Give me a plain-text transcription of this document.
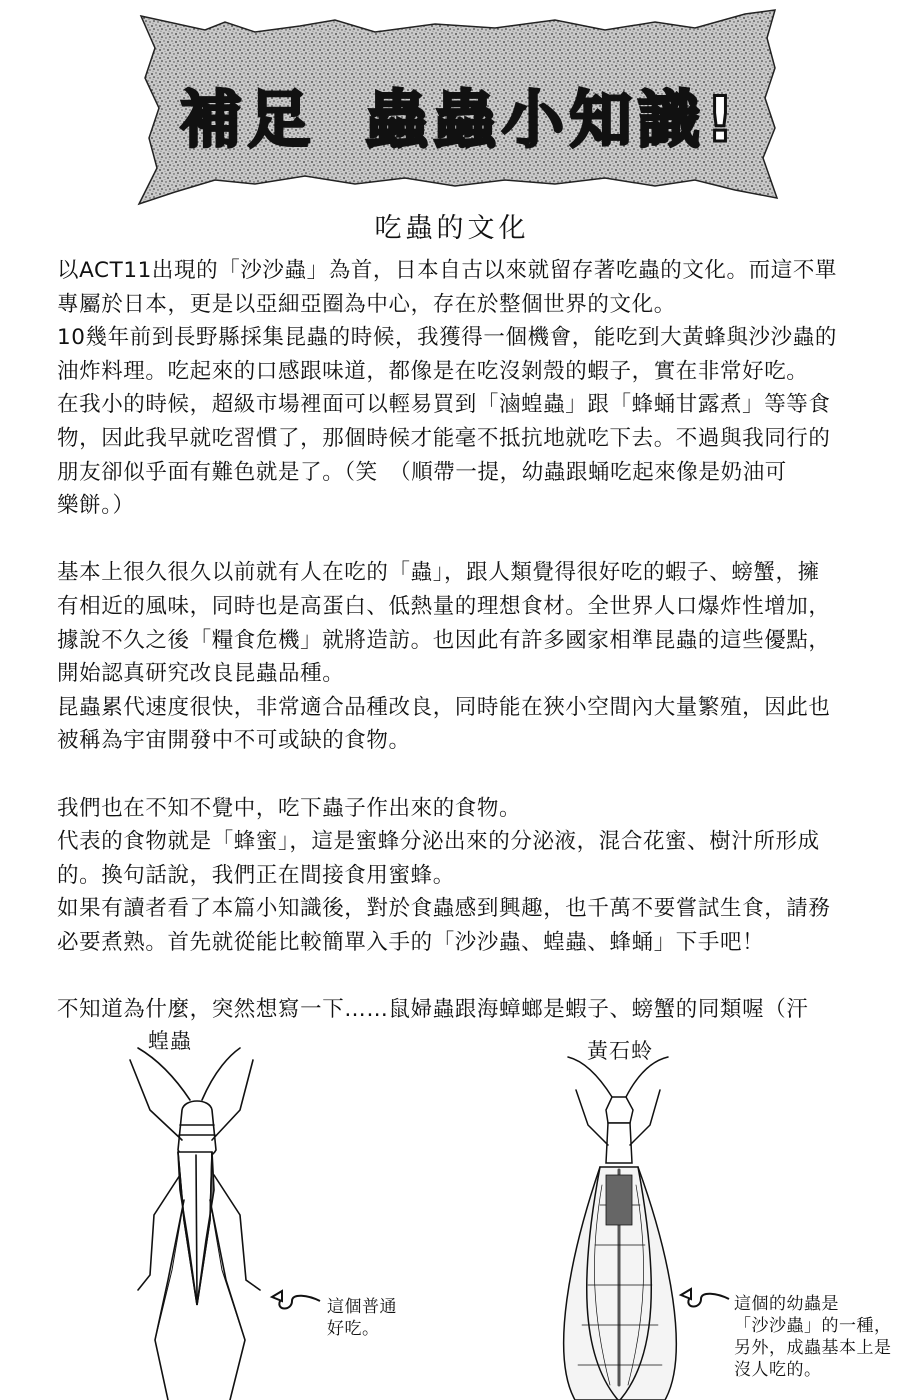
補足 蟲蟲小知識!
吃蟲的文化

以ACT11出現的「沙沙蟲」為首，日本自古以來就留存著吃蟲的文化。而這不單

專屬於日本，更是以亞細亞圈為中心，存在於整個世界的文化。

10幾年前到長野縣採集昆蟲的時候，我獲得一個機會，能吃到大黃蜂與沙沙蟲的

油炸料理。吃起來的口感跟味道，都像是在吃沒剝殼的蝦子，實在非常好吃。

在我小的時候，超級市場裡面可以輕易買到「滷蝗蟲」跟「蜂蛹甘露煮」等等食

物，因此我早就吃習慣了，那個時候才能毫不抵抗地就吃下去。不過與我同行的

朋友卻似乎面有難色就是了。（笑　（順帶一提，幼蟲跟蛹吃起來像是奶油可

樂餅。）

基本上很久很久以前就有人在吃的「蟲」，跟人類覺得很好吃的蝦子、螃蟹，擁

有相近的風味，同時也是高蛋白、低熱量的理想食材。全世界人口爆炸性增加，

據說不久之後「糧食危機」就將造訪。也因此有許多國家相準昆蟲的這些優點，

開始認真研究改良昆蟲品種。

昆蟲累代速度很快，非常適合品種改良，同時能在狹小空間內大量繁殖，因此也

被稱為宇宙開發中不可或缺的食物。

我們也在不知不覺中，吃下蟲子作出來的食物。

代表的食物就是「蜂蜜」，這是蜜蜂分泌出來的分泌液，混合花蜜、樹汁所形成

的。換句話說，我們正在間接食用蜜蜂。

如果有讀者看了本篇小知識後，對於食蟲感到興趣，也千萬不要嘗試生食，請務

必要煮熟。首先就從能比較簡單入手的「沙沙蟲、蝗蟲、蜂蛹」下手吧！

不知道為什麼，突然想寫一下……鼠婦蟲跟海蟑螂是蝦子、螃蟹的同類喔（汗

蝗蟲

這個普通

好吃。

黃石蛉

這個的幼蟲是

「沙沙蟲」的一種，

另外，成蟲基本上是

沒人吃的。
